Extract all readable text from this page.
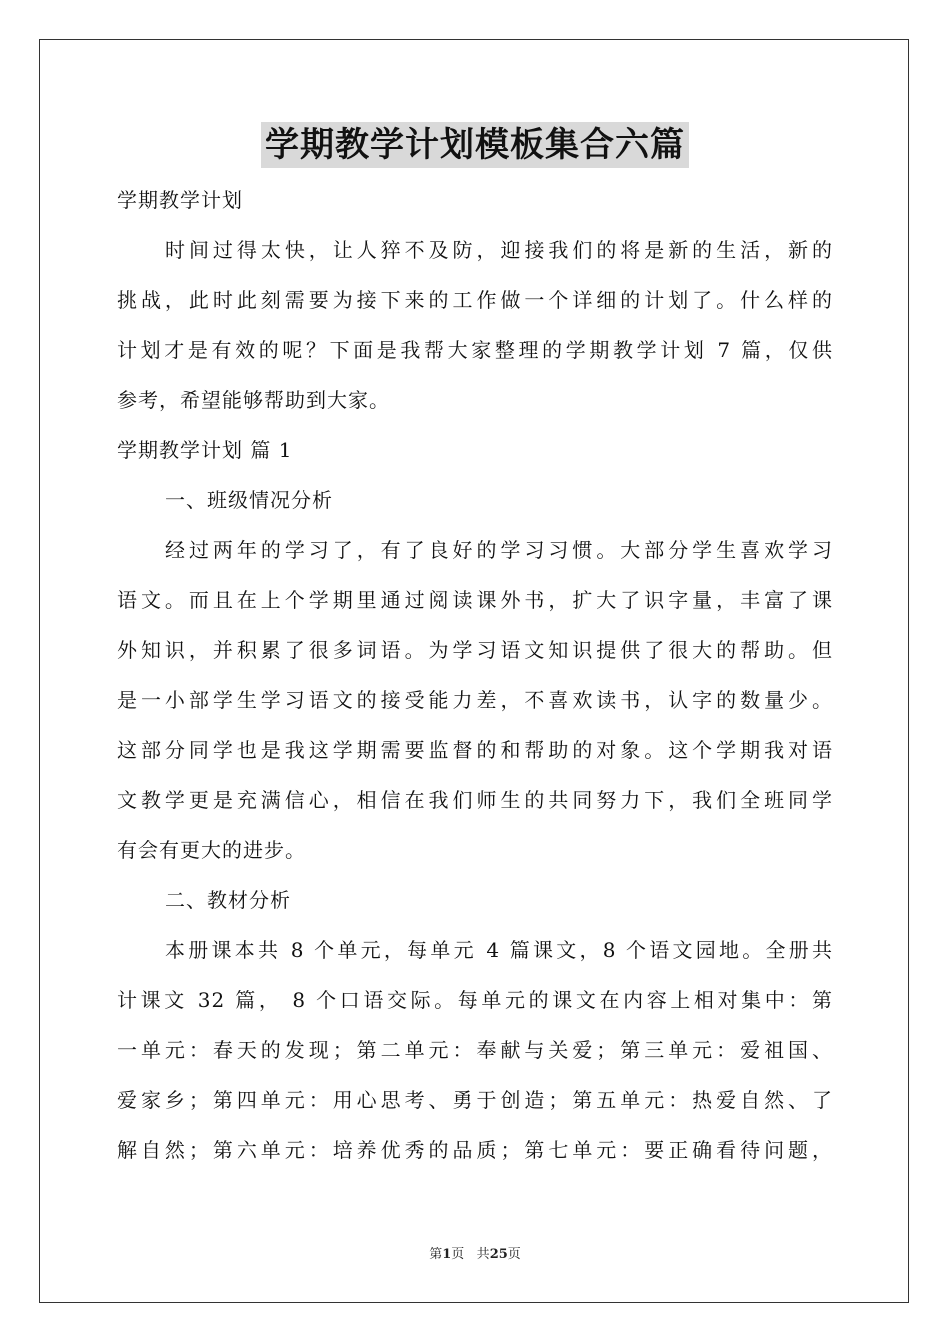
学期教学计划模板集合六篇
学期教学计划
时间过得太快，让人猝不及防，迎接我们的将是新的生活，新的
挑战，此时此刻需要为接下来的工作做一个详细的计划了。什么样的
计划才是有效的呢？下面是我帮大家整理的学期教学计划 7 篇，仅供
参考，希望能够帮助到大家。
学期教学计划 篇 1
一、班级情况分析
经过两年的学习了，有了良好的学习习惯。大部分学生喜欢学习
语文。而且在上个学期里通过阅读课外书，扩大了识字量，丰富了课
外知识，并积累了很多词语。为学习语文知识提供了很大的帮助。但
是一小部学生学习语文的接受能力差，不喜欢读书，认字的数量少。
这部分同学也是我这学期需要监督的和帮助的对象。这个学期我对语
文教学更是充满信心，相信在我们师生的共同努力下，我们全班同学
有会有更大的进步。
二、教材分析
本册课本共 8 个单元，每单元 4 篇课文，8 个语文园地。全册共
计课文 32 篇， 8 个口语交际。每单元的课文在内容上相对集中：第
一单元：春天的发现；第二单元：奉献与关爱；第三单元：爱祖国、
爱家乡；第四单元：用心思考、勇于创造；第五单元：热爱自然、了
解自然；第六单元：培养优秀的品质；第七单元：要正确看待问题，
第1页 共25页
